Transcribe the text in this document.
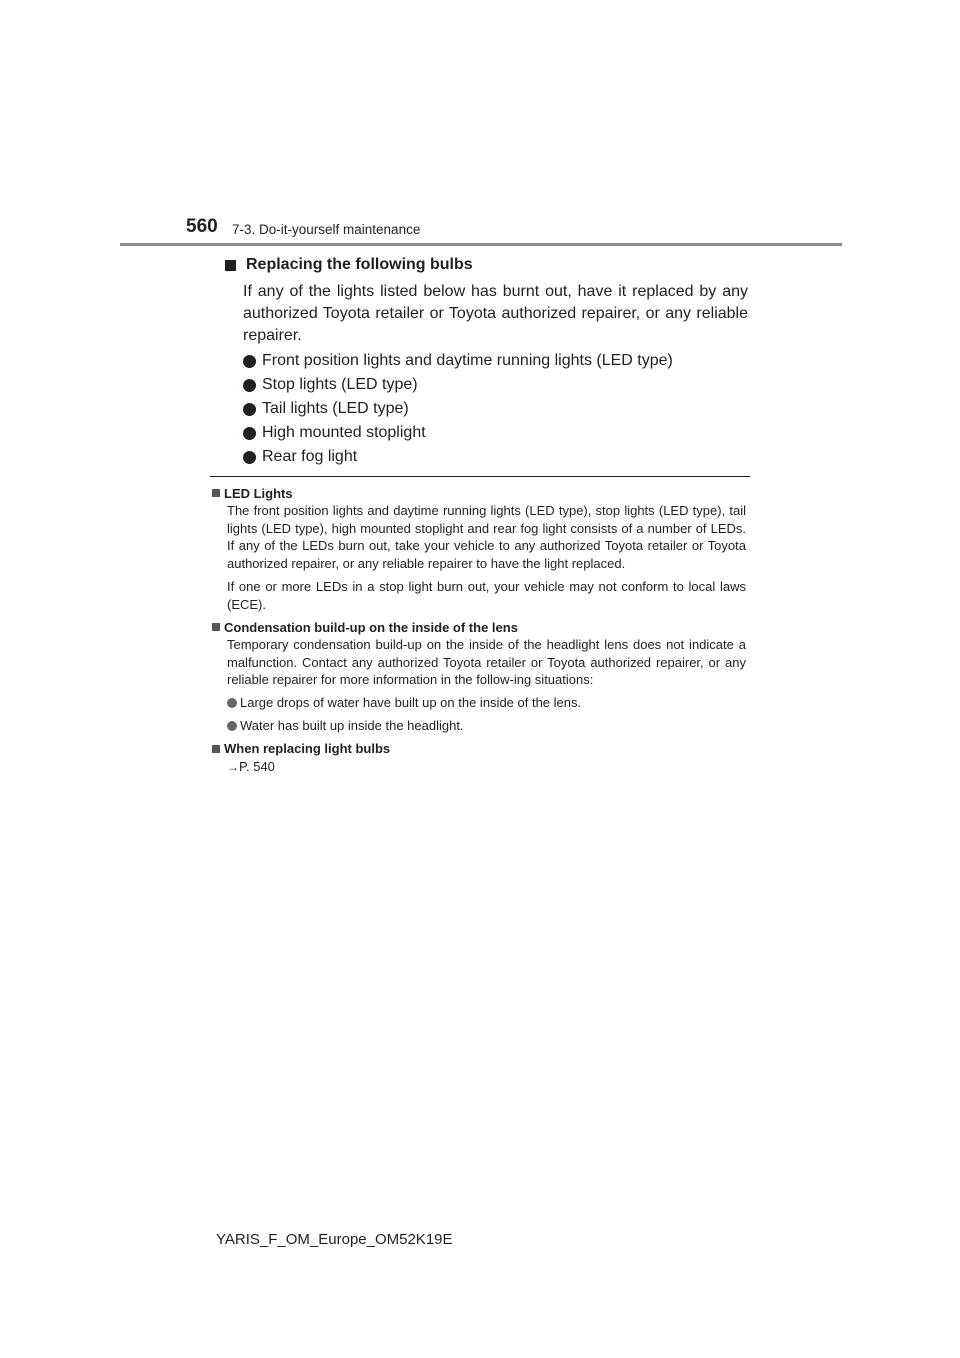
560 7-3. Do-it-yourself maintenance
Replacing the following bulbs

If any of the lights listed below has burnt out, have it replaced by any authorized Toyota retailer or Toyota authorized repairer, or any reliable repairer.

Front position lights and daytime running lights (LED type)
Stop lights (LED type)
Tail lights (LED type)
High mounted stoplight
Rear fog light
LED Lights

The front position lights and daytime running lights (LED type), stop lights (LED type), tail lights (LED type), high mounted stoplight and rear fog light consists of a number of LEDs. If any of the LEDs burn out, take your vehicle to any authorized Toyota retailer or Toyota authorized repairer, or any reliable repairer to have the light replaced.

If one or more LEDs in a stop light burn out, your vehicle may not conform to local laws (ECE).

Condensation build-up on the inside of the lens

Temporary condensation build-up on the inside of the headlight lens does not indicate a malfunction. Contact any authorized Toyota retailer or Toyota authorized repairer, or any reliable repairer for more information in the follow-ing situations:

Large drops of water have built up on the inside of the lens.
Water has built up inside the headlight.
When replacing light bulbs
→P. 540
YARIS_F_OM_Europe_OM52K19E
